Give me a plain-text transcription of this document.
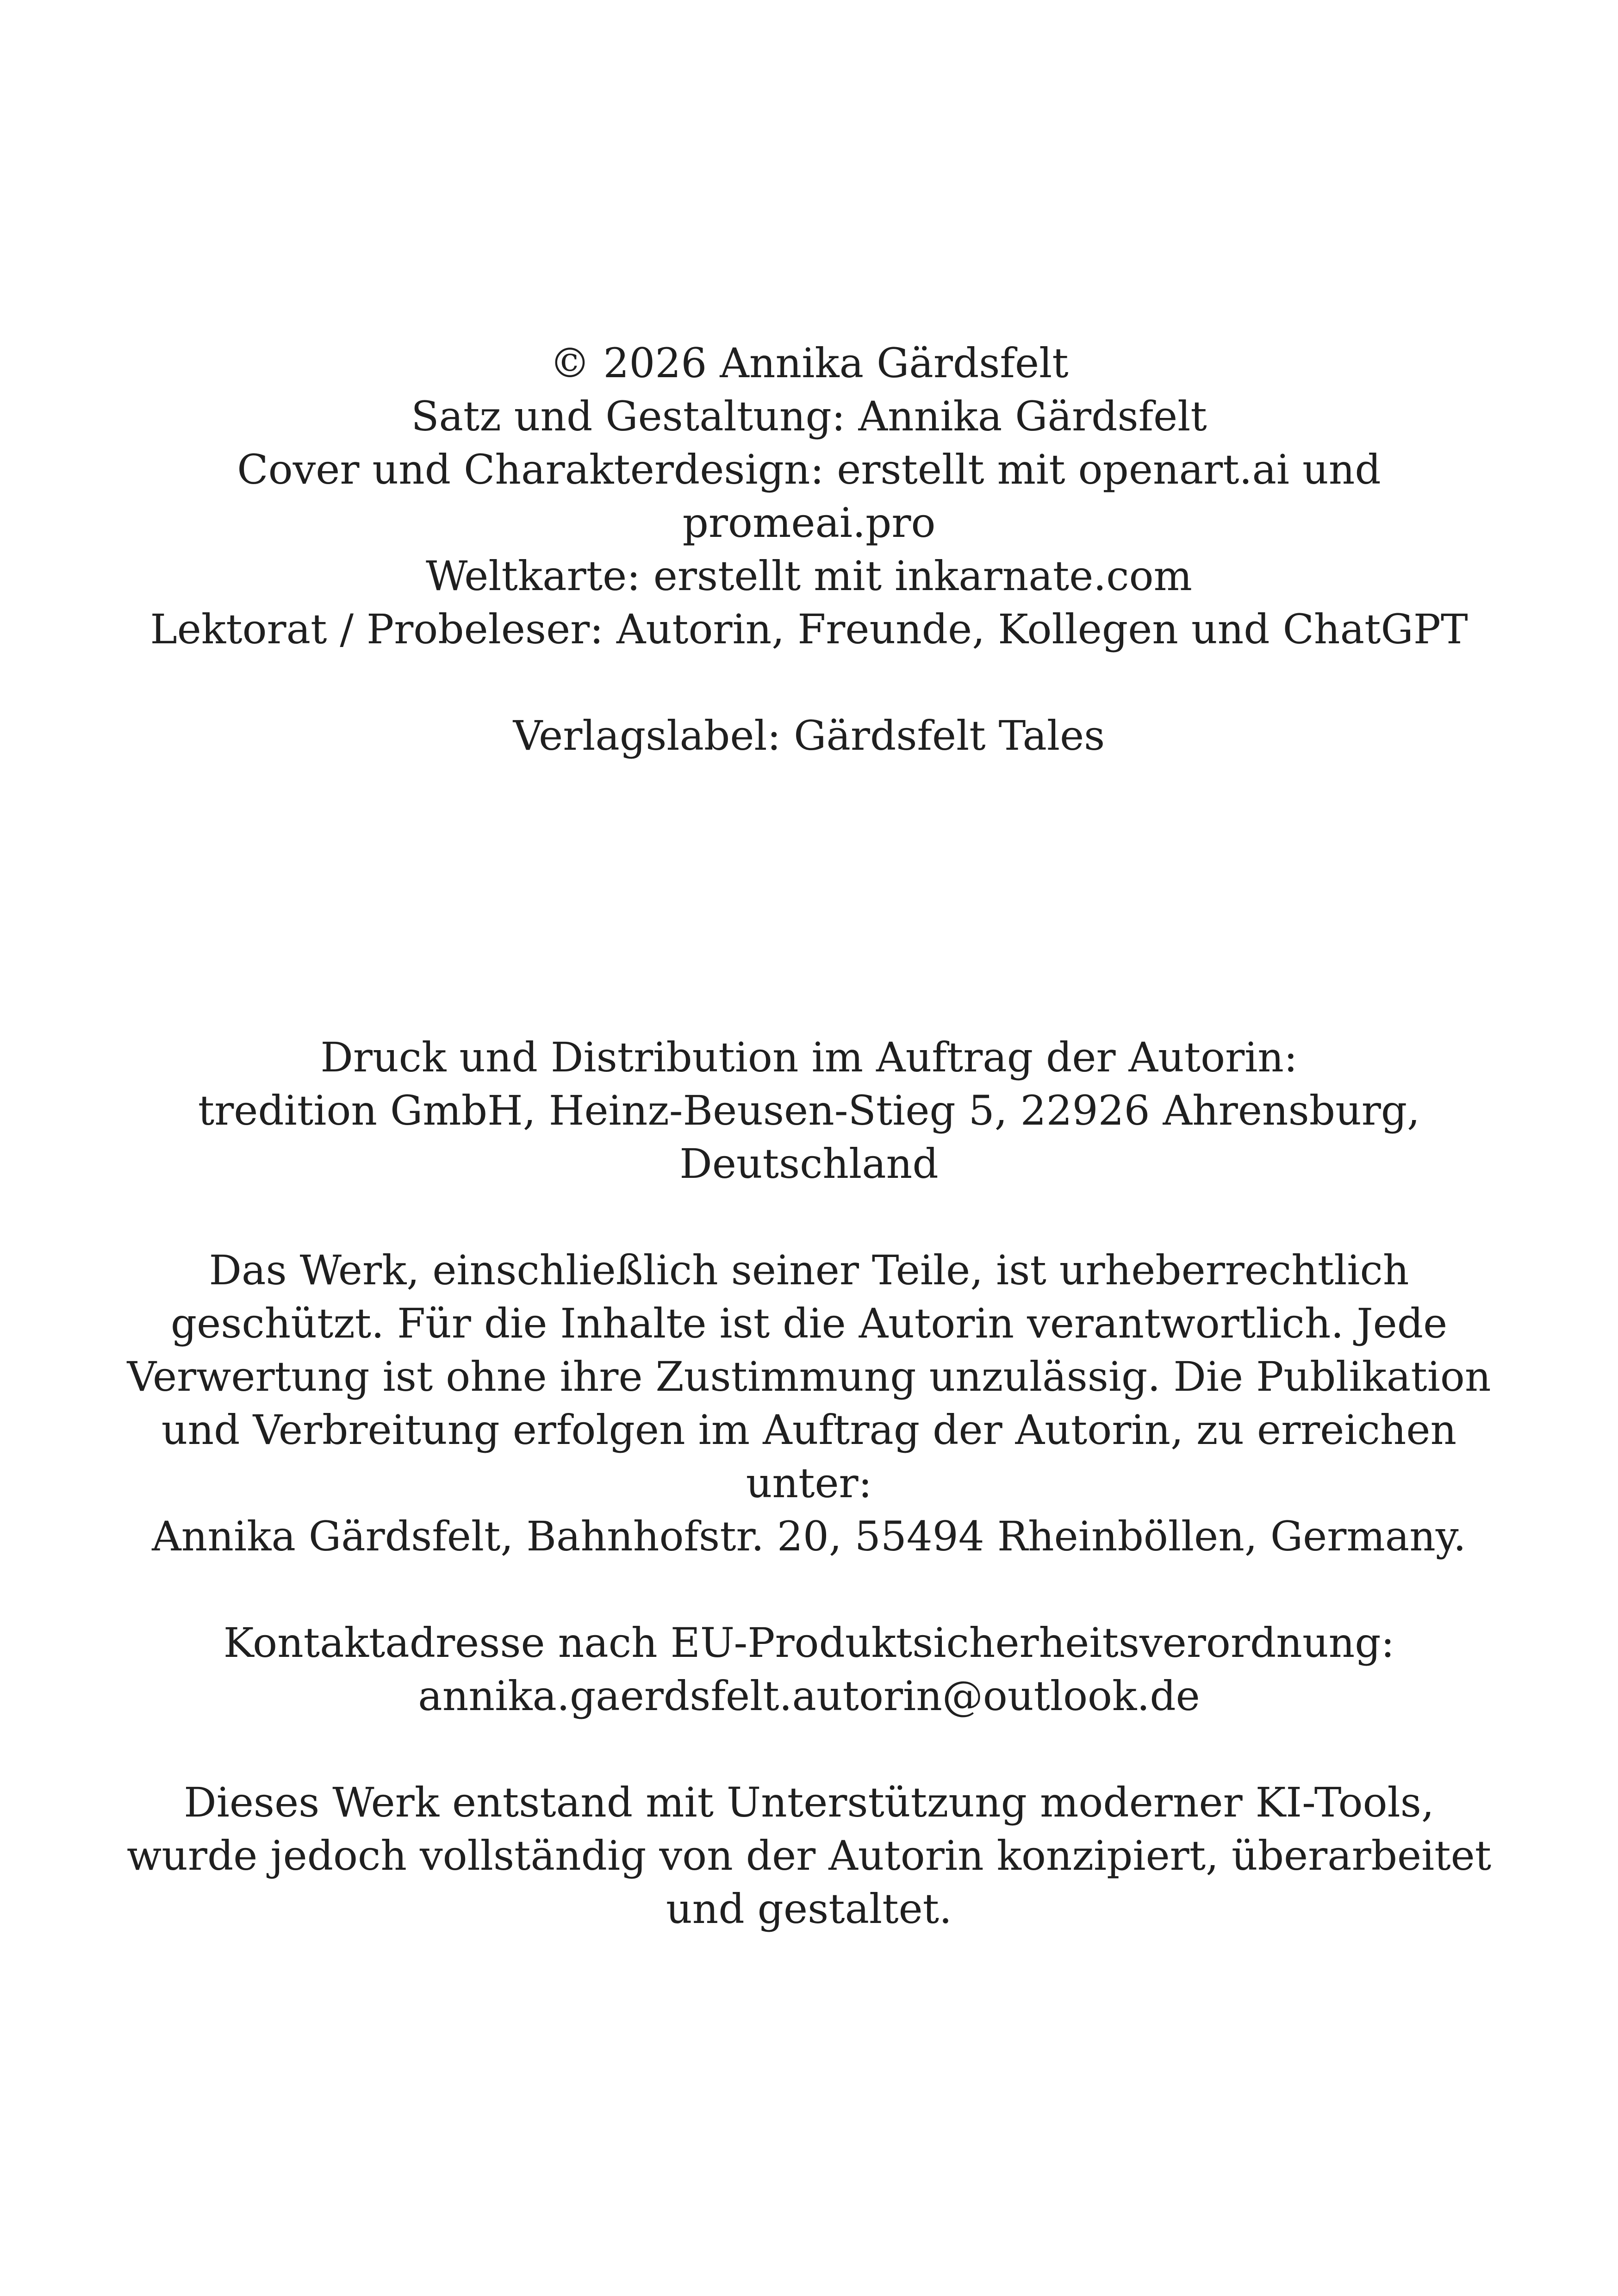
© 2026 Annika Gärdsfelt
Satz und Gestaltung: Annika Gärdsfelt
Cover und Charakterdesign: erstellt mit openart.ai und
promeai.pro
Weltkarte: erstellt mit inkarnate.com
Lektorat / Probeleser: Autorin, Freunde, Kollegen und ChatGPT
Verlagslabel: Gärdsfelt Tales
Druck und Distribution im Auftrag der Autorin:
tredition GmbH, Heinz-Beusen-Stieg 5, 22926 Ahrensburg,
Deutschland
Das Werk, einschließlich seiner Teile, ist urheberrechtlich
geschützt. Für die Inhalte ist die Autorin verantwortlich. Jede
Verwertung ist ohne ihre Zustimmung unzulässig. Die Publikation
und Verbreitung erfolgen im Auftrag der Autorin, zu erreichen
unter:
Annika Gärdsfelt, Bahnhofstr. 20, 55494 Rheinböllen, Germany.
Kontaktadresse nach EU-Produktsicherheitsverordnung:
annika.gaerdsfelt.autorin@outlook.de
Dieses Werk entstand mit Unterstützung moderner KI-Tools,
wurde jedoch vollständig von der Autorin konzipiert, überarbeitet
und gestaltet.
